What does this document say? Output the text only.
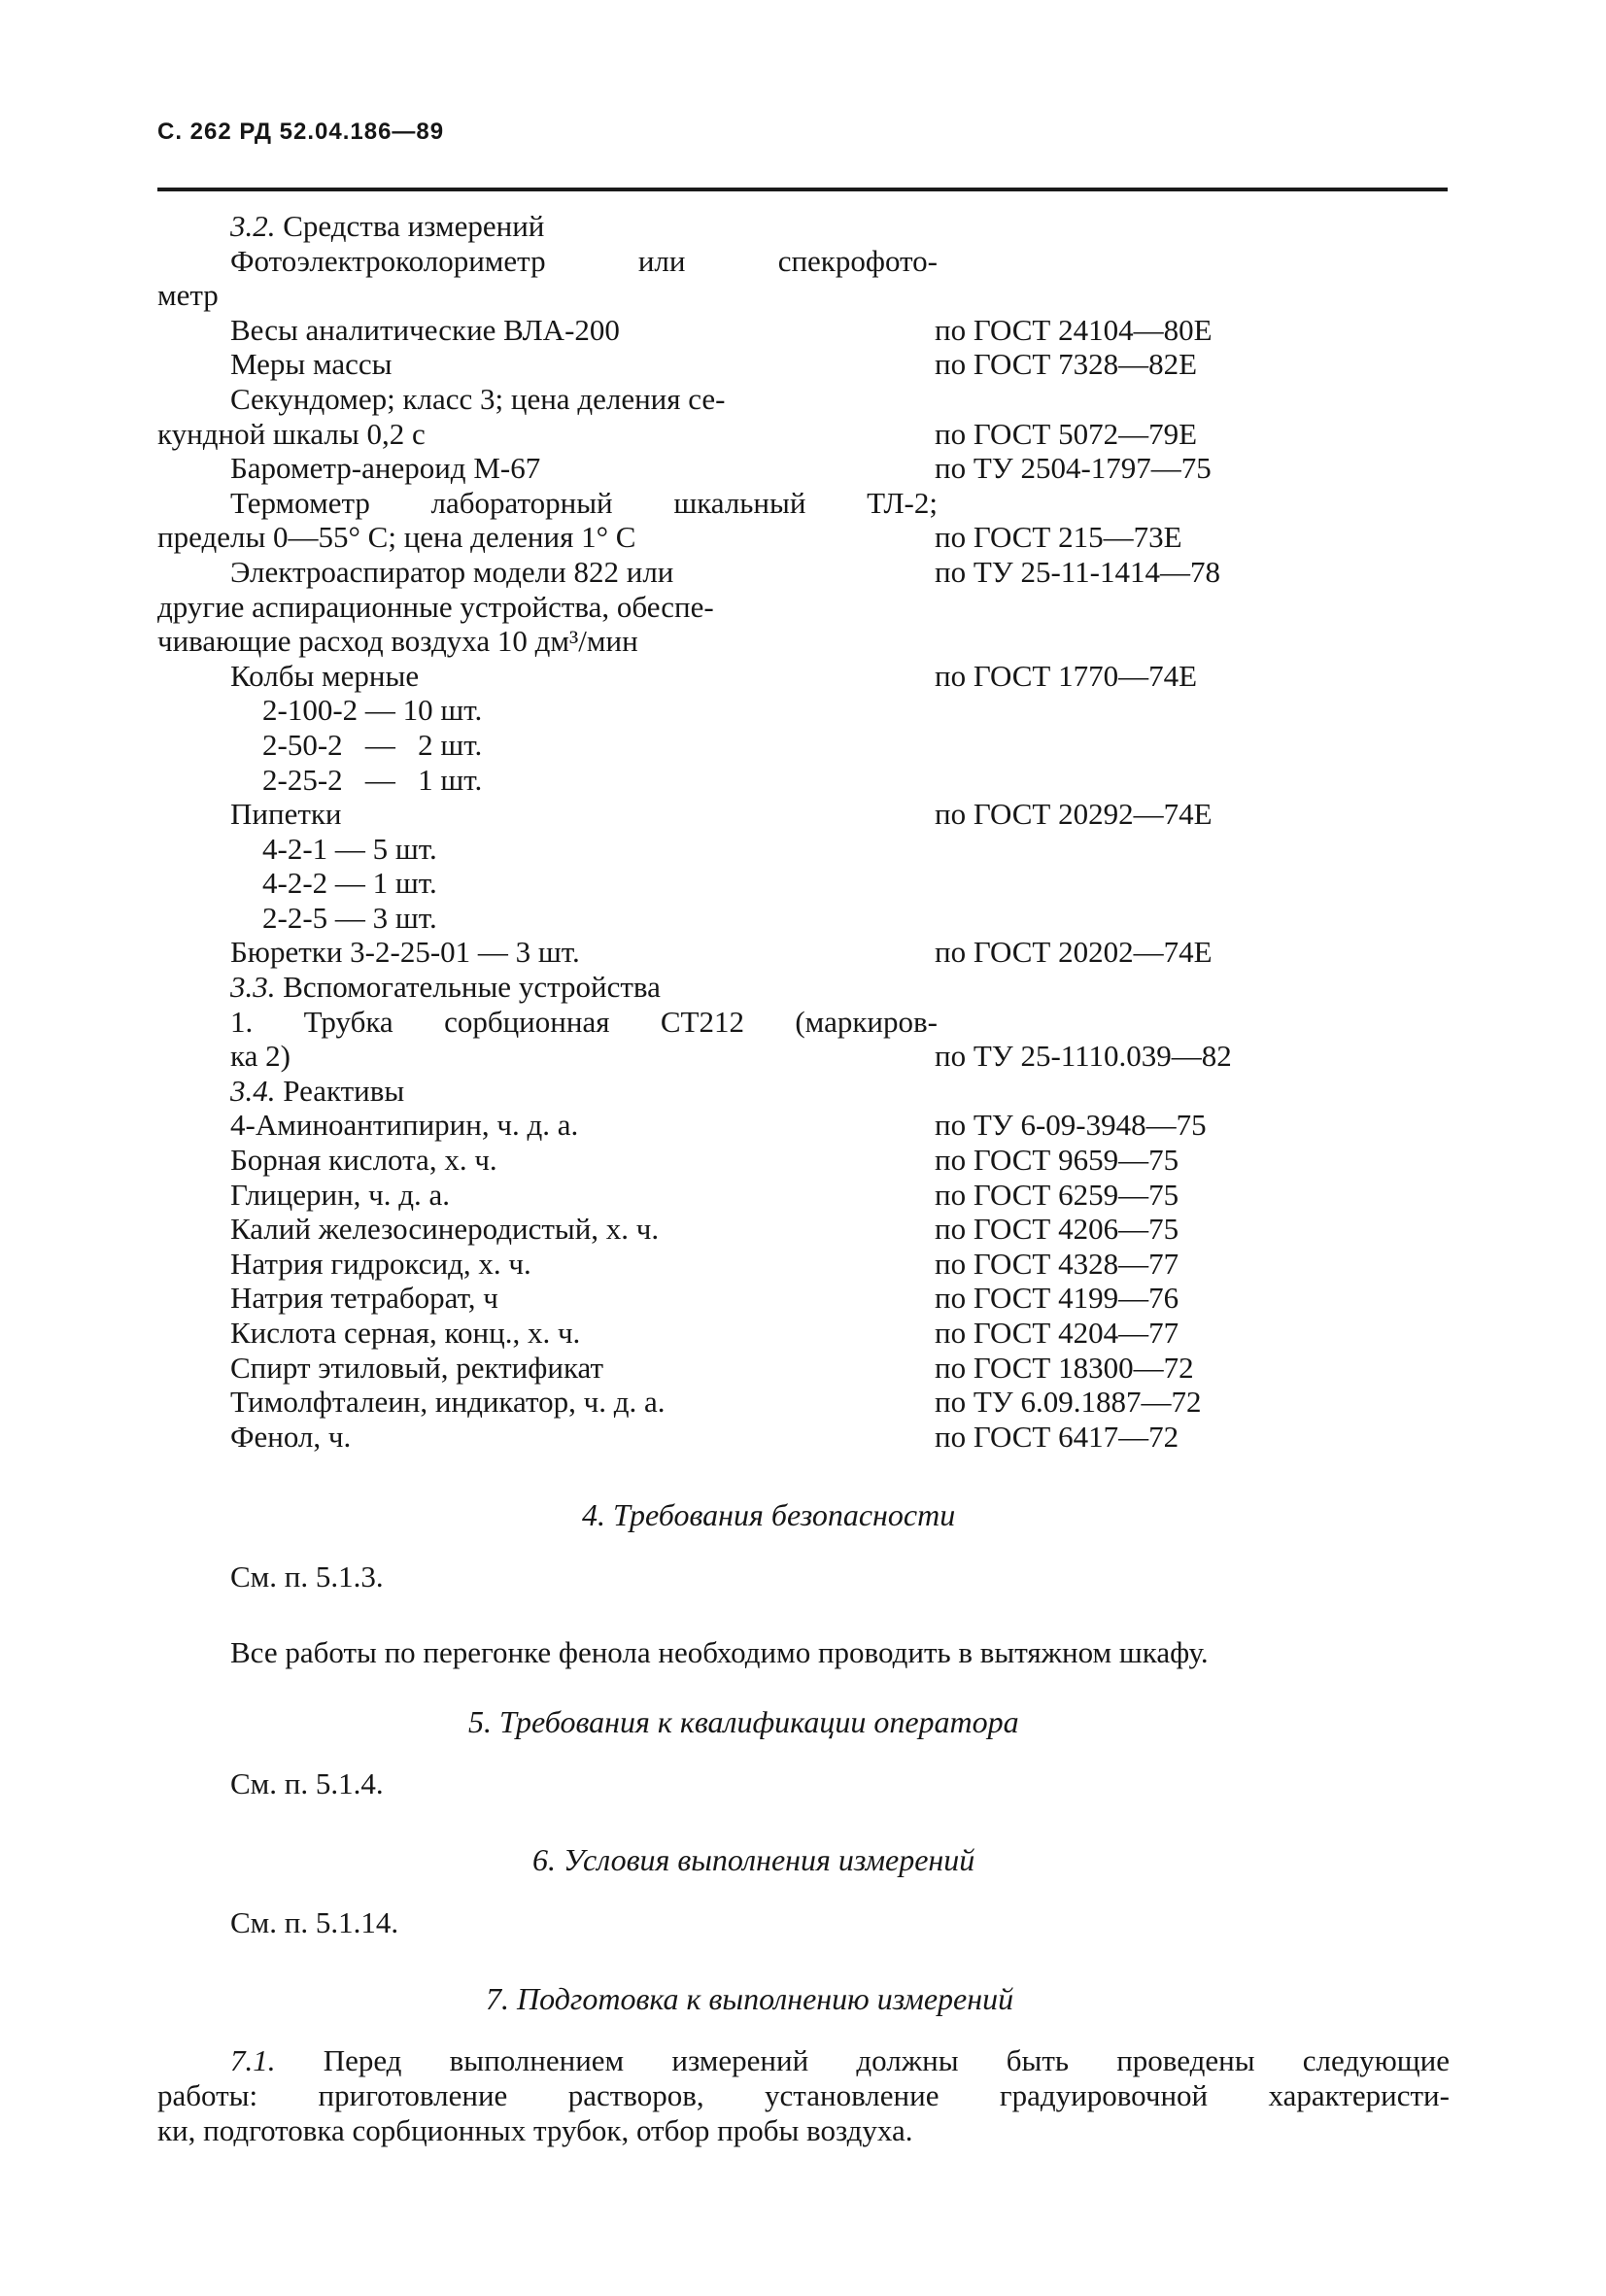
С. 262 РД 52.04.186—89
3.2. Средства измерений
Фотоэлектроколориметр	или	спекрофото-
метр
Весы аналитические ВЛА-200	по ГОСТ 24104—80Е
Меры массы	по ГОСТ 7328—82Е
Секундомер; класс 3; цена деления се-
кундной шкалы 0,2 с	по ГОСТ 5072—79Е
Барометр-анероид М-67	по ТУ 2504-1797—75
Термометр лабораторный шкальный ТЛ-2;
пределы 0—55° С; цена деления 1° С	по ГОСТ 215—73Е
Электроаспиратор модели 822 или	по ТУ 25-11-1414—78
другие аспирационные устройства, обеспе-
чивающие расход воздуха 10 дм³/мин
Колбы мерные	по ГОСТ 1770—74Е
2-100-2 — 10 шт.
2-50-2   —   2 шт.
2-25-2   —   1 шт.
Пипетки	по ГОСТ 20292—74Е
4-2-1 — 5 шт.
4-2-2 — 1 шт.
2-2-5 — 3 шт.
Бюретки 3-2-25-01 — 3 шт.	по ГОСТ 20202—74Е
3.3. Вспомогательные устройства
1. Трубка сорбционная СТ212 (маркиров-
ка 2)	по ТУ 25-1110.039—82
3.4. Реактивы
4-Аминоантипирин, ч. д. а.	по ТУ 6-09-3948—75
Борная кислота, х. ч.	по ГОСТ 9659—75
Глицерин, ч. д. а.	по ГОСТ 6259—75
Калий железосинеродистый, х. ч.	по ГОСТ 4206—75
Натрия гидроксид, х. ч.	по ГОСТ 4328—77
Натрия тетраборат, ч	по ГОСТ 4199—76
Кислота серная, конц., х. ч.	по ГОСТ 4204—77
Спирт этиловый, ректификат	по ГОСТ 18300—72
Тимолфталеин, индикатор, ч. д. а.	по ТУ 6.09.1887—72
Фенол, ч.	по ГОСТ 6417—72
4. Требования безопасности
См. п. 5.1.3.
Все работы по перегонке фенола необходимо проводить в вытяжном шкафу.
5. Требования к квалификации оператора
См. п. 5.1.4.
6. Условия выполнения измерений
См. п. 5.1.14.
7. Подготовка к выполнению измерений
7.1. Перед выполнением измерений должны быть проведены следующие
работы: приготовление растворов, установление градуировочной характеристи-
ки, подготовка сорбционных трубок, отбор пробы воздуха.
